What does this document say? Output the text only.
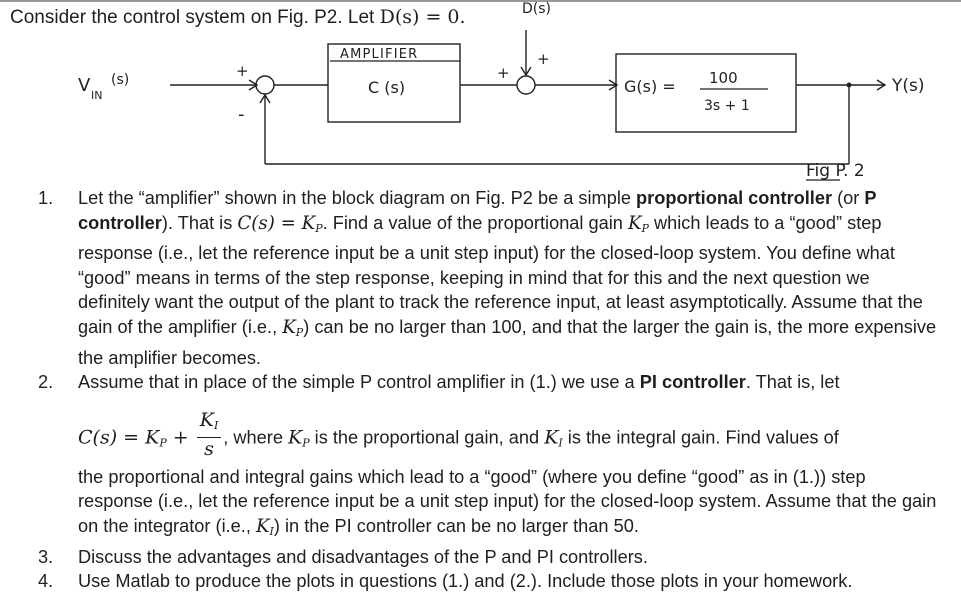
Consider the control system on Fig. P2. Let D(s) = 0.
V IN
(s)	+
-
AMPLIFIER
C (s)
D(s)
+
+
G(s) = 100
3s + 1
Y(s)
Fig P. 2
1. Let the “amplifier” shown in the block diagram on Fig. P2 be a simple proportional controller (or P controller). That is $C(s) = K_P$. Find a value of the proportional gain $K_P$ which leads to a “good” step response (i.e., let the reference input be a unit step input) for the closed-loop system. You define what “good” means in terms of the step response, keeping in mind that for this and the next question we definitely want the output of the plant to track the reference input, at least asymptotically. Assume that the gain of the amplifier (i.e., $K_P$) can be no larger than 100, and that the larger the gain is, the more expensive the amplifier becomes.
2. Assume that in place of the simple P control amplifier in (1.) we use a PI controller. That is, let
$C(s) = K_P + \frac{K_I}{s}$ , where $K_P$ is the proportional gain, and $K_I$ is the integral gain. Find values of
the proportional and integral gains which lead to a “good” (where you define “good” as in (1.)) step response (i.e., let the reference input be a unit step input) for the closed-loop system. Assume that the gain on the integrator (i.e., $K_I$) in the PI controller can be no larger than 50.
3. Discuss the advantages and disadvantages of the P and PI controllers.
4. Use Matlab to produce the plots in questions (1.) and (2.). Include those plots in your homework.
